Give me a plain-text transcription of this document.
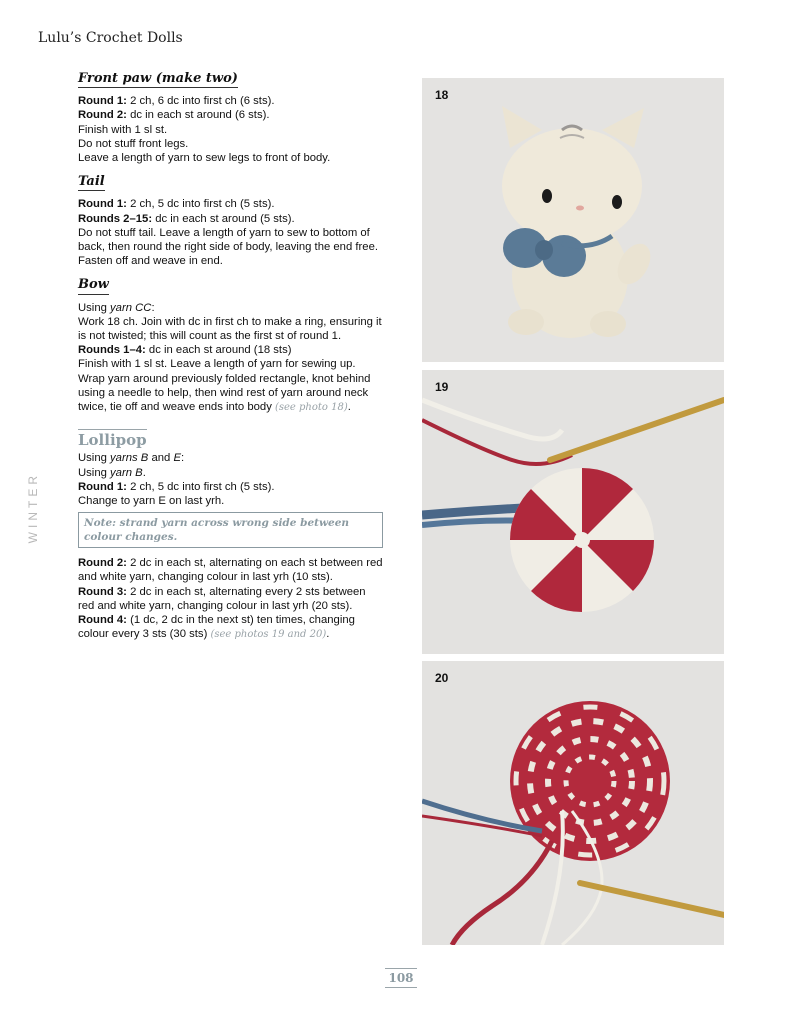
Lulu’s Crochet Dolls
WINTER
Front paw (make two)

Round 1: 2 ch, 6 dc into first ch (6 sts).

Round 2: dc in each st around (6 sts).

Finish with 1 sl st.

Do not stuff front legs.

Leave a length of yarn to sew legs to front of body.

Tail

Round 1: 2 ch, 5 dc into first ch (5 sts).

Rounds 2–15: dc in each st around (5 sts).

Do not stuff tail. Leave a length of yarn to sew to bottom of back, then round the right side of body, leaving the end free. Fasten off and weave in end.

Bow

Using yarn CC:

Work 18 ch. Join with dc in first ch to make a ring, ensuring it is not twisted; this will count as the first st of round 1.

Rounds 1–4: dc in each st around (18 sts)

Finish with 1 sl st. Leave a length of yarn for sewing up. Wrap yarn around previously folded rectangle, knot behind using a needle to help, then wind rest of yarn around neck twice, tie off and weave ends into body (see photo 18).

Lollipop

Using yarns B and E:

Using yarn B.

Round 1: 2 ch, 5 dc into first ch (5 sts).

Change to yarn E on last yrh.

Note: strand yarn across wrong side between colour changes.

Round 2: 2 dc in each st, alternating on each st between red and white yarn, changing colour in last yrh (10 sts).

Round 3: 2 dc in each st, alternating every 2 sts between red and white yarn, changing colour in last yrh (20 sts).

Round 4: (1 dc, 2 dc in the next st) ten times, changing colour every 3 sts (30 sts) (see photos 19 and 20).

18
19
20
108
